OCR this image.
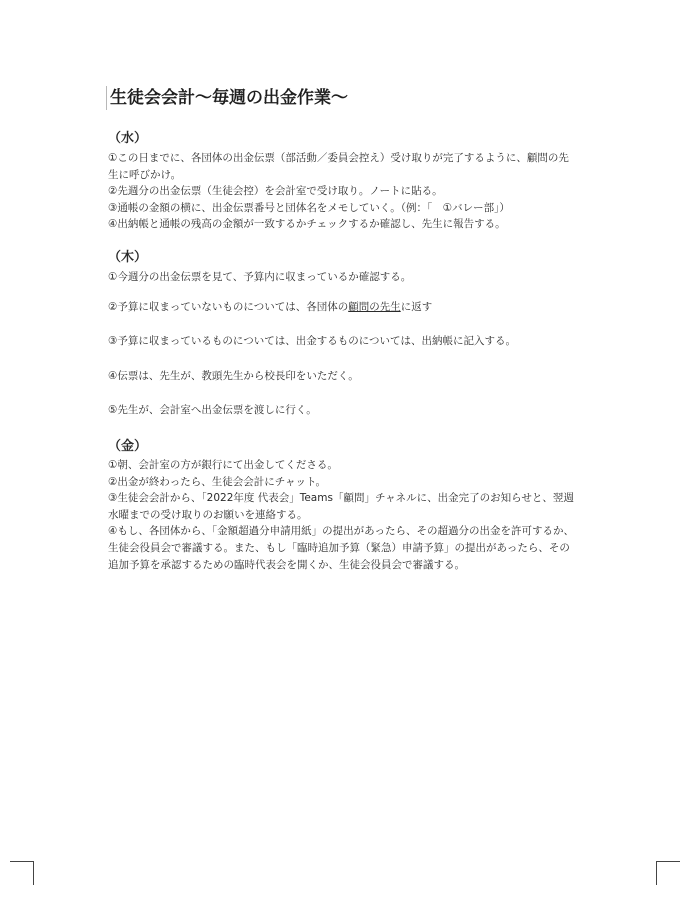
生徒会会計〜毎週の出金作業〜
（水）
①この日までに、各団体の出金伝票（部活動／委員会控え）受け取りが完了するように、顧問の先生に呼びかけ。
②先週分の出金伝票（生徒会控）を会計室で受け取り。ノートに貼る。
③通帳の金額の横に、出金伝票番号と団体名をメモしていく。（例：「　①バレー部」）
④出納帳と通帳の残高の金額が一致するかチェックするか確認し、先生に報告する。
（木）
①今週分の出金伝票を見て、予算内に収まっているか確認する。
②予算に収まっていないものについては、各団体の顧問の先生に返す
③予算に収まっているものについては、出金するものについては、出納帳に記入する。
④伝票は、先生が、教頭先生から校長印をいただく。
⑤先生が、会計室へ出金伝票を渡しに行く。
（金）
①朝、会計室の方が銀行にて出金してくださる。
②出金が終わったら、生徒会会計にチャット。
③生徒会会計から、「2022年度 代表会」Teams「顧問」チャネルに、出金完了のお知らせと、翌週水曜までの受け取りのお願いを連絡する。
④もし、各団体から、「金額超過分申請用紙」の提出があったら、その超過分の出金を許可するか、生徒会役員会で審議する。また、もし「臨時追加予算（緊急）申請予算」の提出があったら、その追加予算を承認するための臨時代表会を開くか、生徒会役員会で審議する。
